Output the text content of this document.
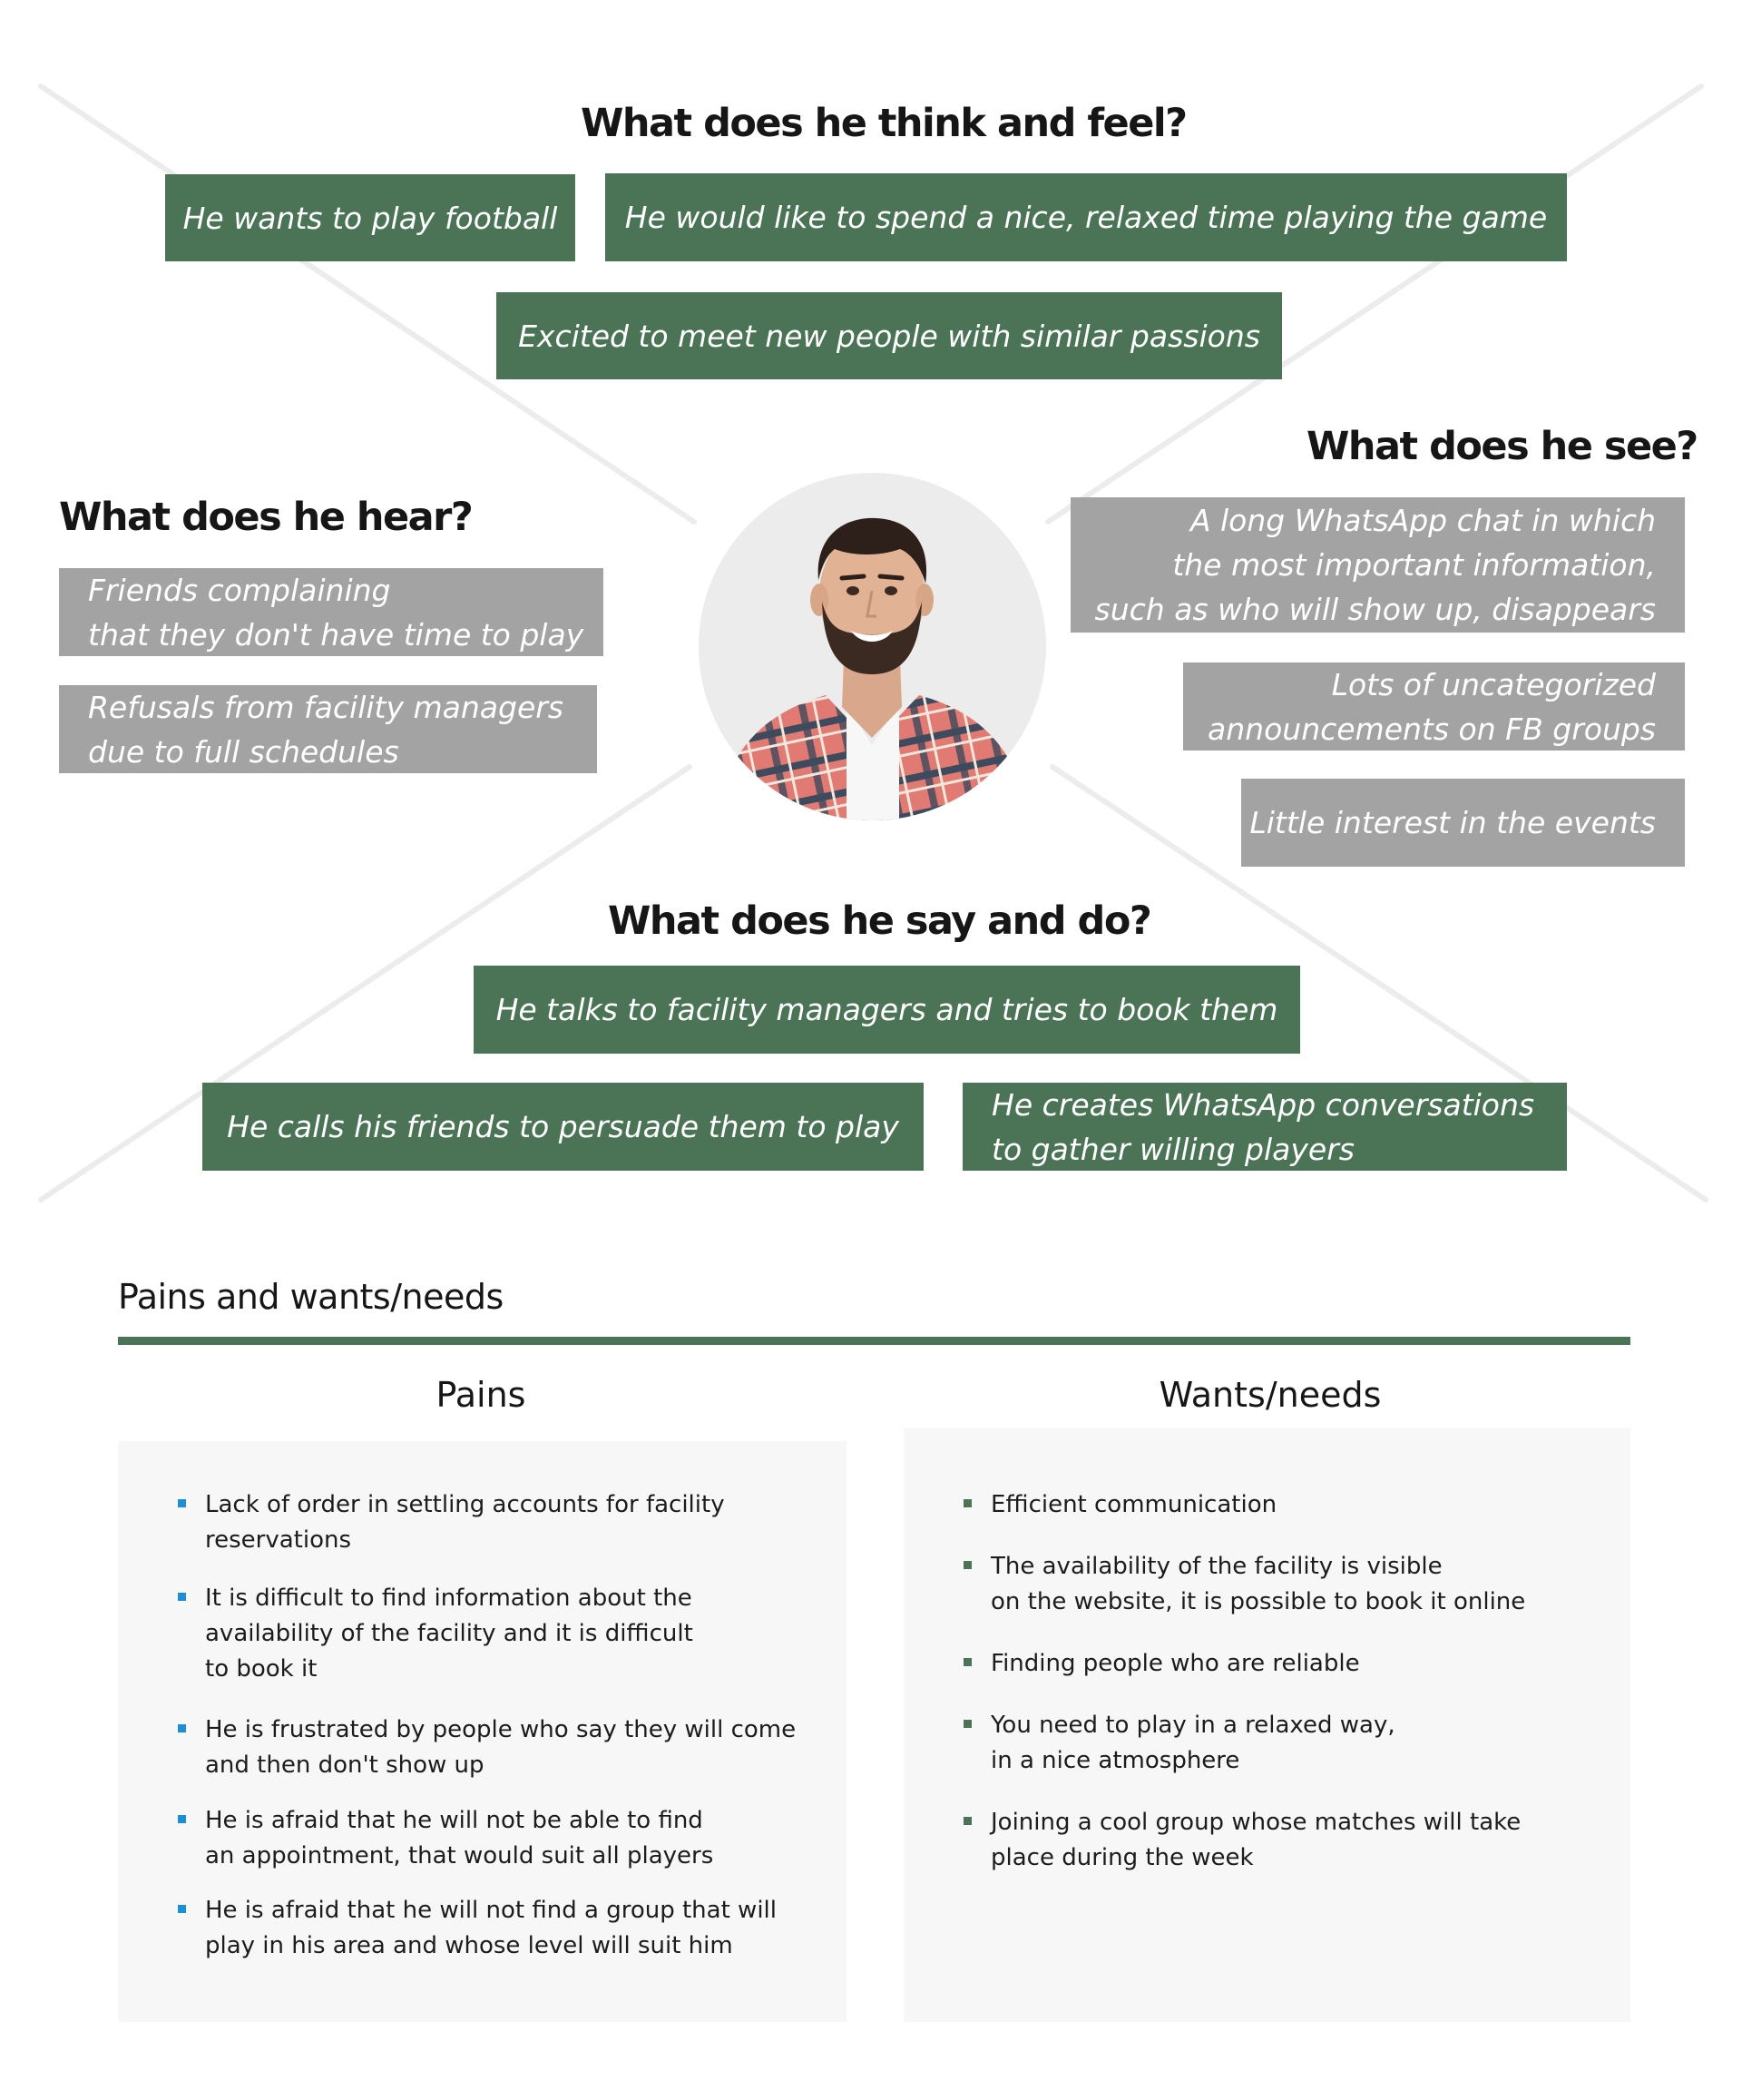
What does he think and feel?
He wants to play football He would like to spend a nice, relaxed time playing the game
Excited to meet new people with similar passions
What does he hear?
Friends complaining
that they don't have time to play
Refusals from facility managers
due to full schedules
What does he see?
A long WhatsApp chat in which
the most important information,
such as who will show up, disappears
Lots of uncategorized
announcements on FB groups
Little interest in the events
What does he say and do?
He talks to facility managers and tries to book them
He calls his friends to persuade them to play
He creates WhatsApp conversations
to gather willing players
Pains and wants/needs
Pains	Wants/needs
Lack of order in settling accounts for facility
reservations
It is difficult to find information about the
availability of the facility and it is difficult
to book it
He is frustrated by people who say they will come
and then don't show up
He is afraid that he will not be able to find
an appointment, that would suit all players
He is afraid that he will not find a group that will
play in his area and whose level will suit him
Efficient communication
The availability of the facility is visible
on the website, it is possible to book it online
Finding people who are reliable
You need to play in a relaxed way,
in a nice atmosphere
Joining a cool group whose matches will take
place during the week
